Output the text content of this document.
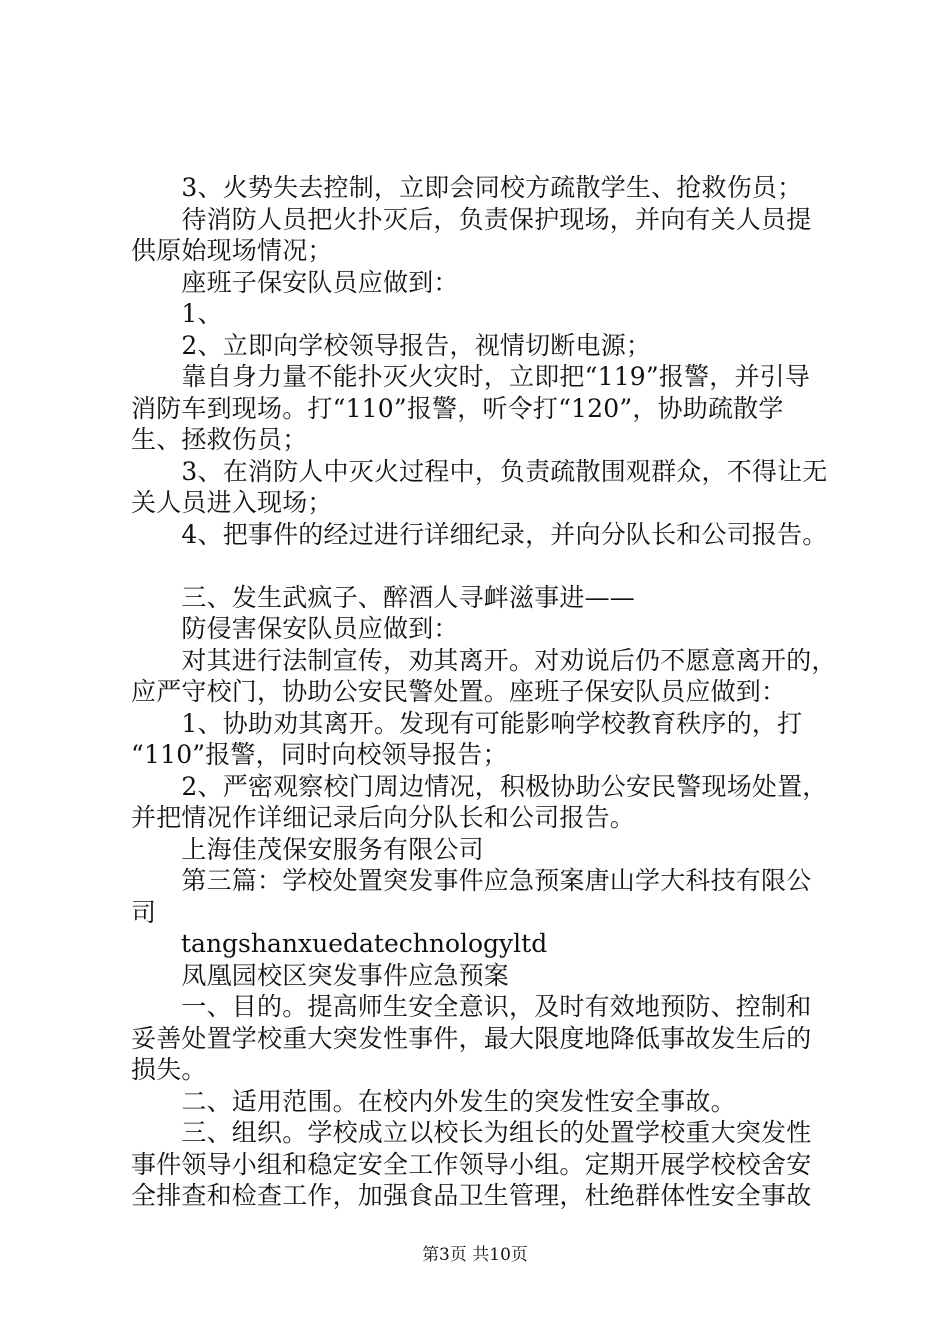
　　3、火势失去控制，立即会同校方疏散学生、抢救伤员；
　　待消防人员把火扑灭后，负责保护现场，并向有关人员提
供原始现场情况；
　　座班子保安队员应做到：
　　1、
　　2、立即向学校领导报告，视情切断电源；
　　靠自身力量不能扑灭火灾时，立即把“119”报警，并引导
消防车到现场。打“110”报警，听令打“120”，协助疏散学
生、拯救伤员；
　　3、在消防人中灭火过程中，负责疏散围观群众，不得让无
关人员进入现场；
　　4、把事件的经过进行详细纪录，并向分队长和公司报告。
　　三、发生武疯子、醉酒人寻衅滋事进——
　　防侵害保安队员应做到：
　　对其进行法制宣传，劝其离开。对劝说后仍不愿意离开的，
应严守校门，协助公安民警处置。座班子保安队员应做到：
　　1、协助劝其离开。发现有可能影响学校教育秩序的，打
“110”报警，同时向校领导报告；
　　2、严密观察校门周边情况，积极协助公安民警现场处置，
并把情况作详细记录后向分队长和公司报告。
　　上海佳茂保安服务有限公司
　　第三篇：学校处置突发事件应急预案唐山学大科技有限公
司
　　tangshanxuedatechnologyltd
　　凤凰园校区突发事件应急预案
　　一、目的。提高师生安全意识，及时有效地预防、控制和
妥善处置学校重大突发性事件，最大限度地降低事故发生后的
损失。
　　二、适用范围。在校内外发生的突发性安全事故。
　　三、组织。学校成立以校长为组长的处置学校重大突发性
事件领导小组和稳定安全工作领导小组。定期开展学校校舍安
全排查和检查工作，加强食品卫生管理，杜绝群体性安全事故
第3页 共10页
